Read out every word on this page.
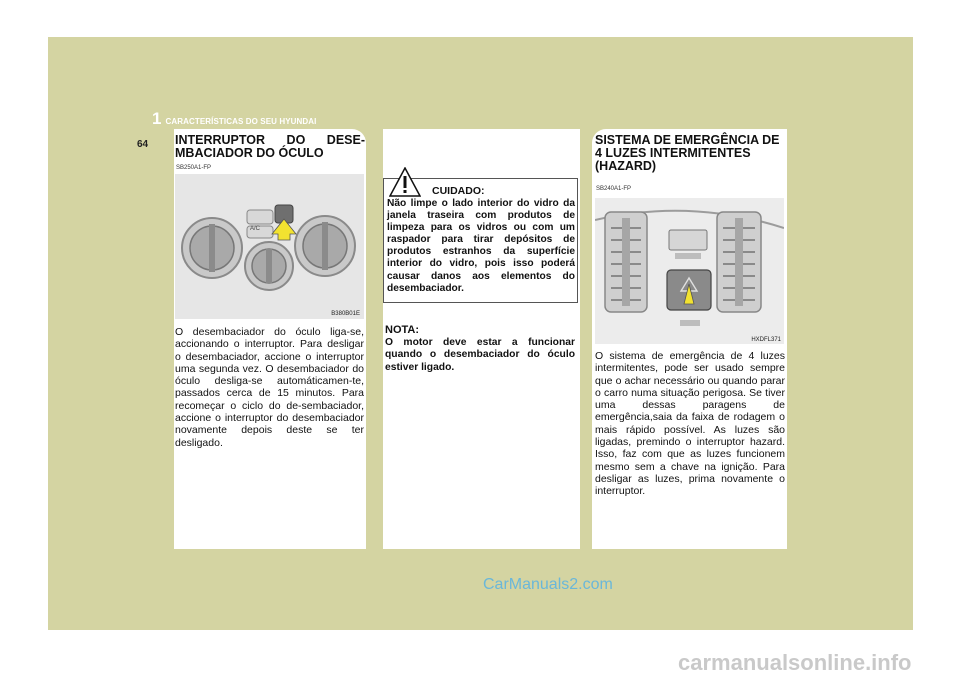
1 CARACTERÍSTICAS DO SEU HYUNDAI
64 INTERRUPTOR DO DESE-
MBACIADOR DO ÓCULO
SB250A1-FP
B380B01E
A/C

O desembaciador do óculo liga-se, accionando o interruptor. Para desligar o desembaciador, accione o interruptor uma segunda vez. O desembaciador do óculo desliga-se automáticamen-te, passados cerca de 15 minutos. Para recomeçar o ciclo do de-sembaciador, accione o interruptor do desembaciador novamente depois deste se ter desligado.

CUIDADO:

Não limpe o lado interior do vidro da janela traseira com produtos de limpeza para os vidros ou com um raspador para tirar depósitos de produtos estranhos da superfície interior do vidro, pois isso poderá causar danos aos elementos do desembaciador.

NOTA:

O motor deve estar a funcionar quando o desembaciador do óculo estiver ligado.

SISTEMA DE EMERGÊNCIA DE
4 LUZES INTERMITENTES
(HAZARD)
SB240A1-FP
HXDFL371

O sistema de emergência de 4 luzes intermitentes, pode ser usado sempre que o achar necessário ou quando parar o carro numa situação perigosa. Se tiver uma dessas paragens de emergência,saia da faixa de rodagem o mais rápido possível. As luzes são ligadas, premindo o interruptor hazard. Isso, faz com que as luzes funcionem mesmo sem a chave na ignição. Para desligar as luzes, prima novamente o interruptor.

CarManuals2.com
carmanualsonline.info
